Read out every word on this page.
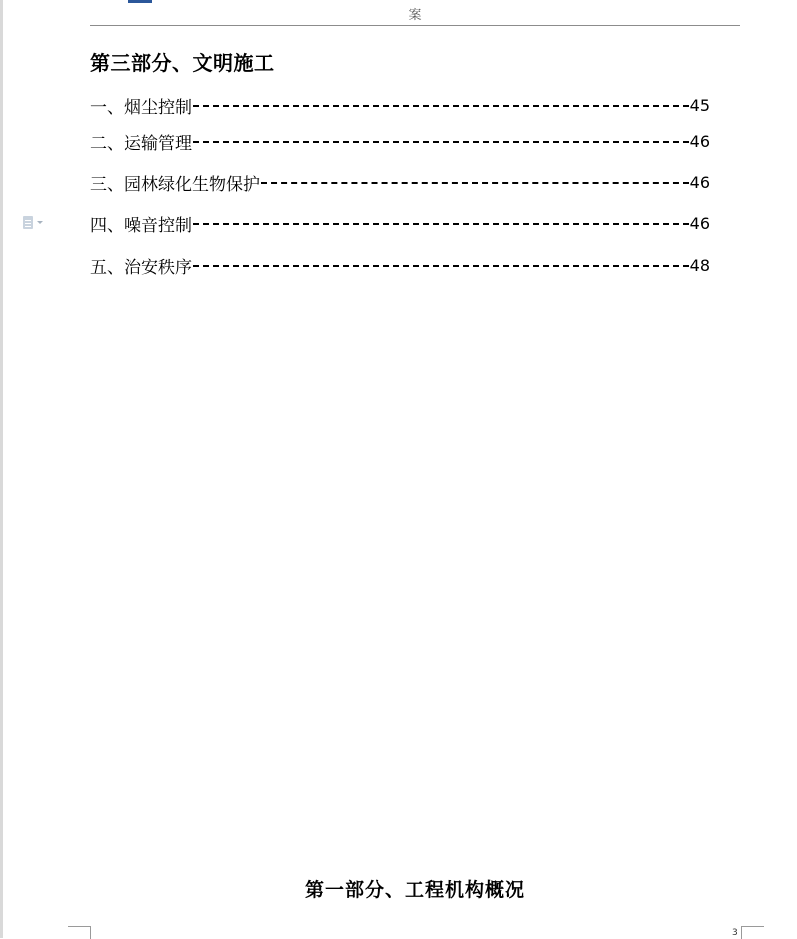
案
第三部分、文明施工
一、烟尘控制	45
二、运输管理	46
三、园林绿化生物保护	46
四、噪音控制	46
五、治安秩序	48
第一部分、工程机构概况
3
